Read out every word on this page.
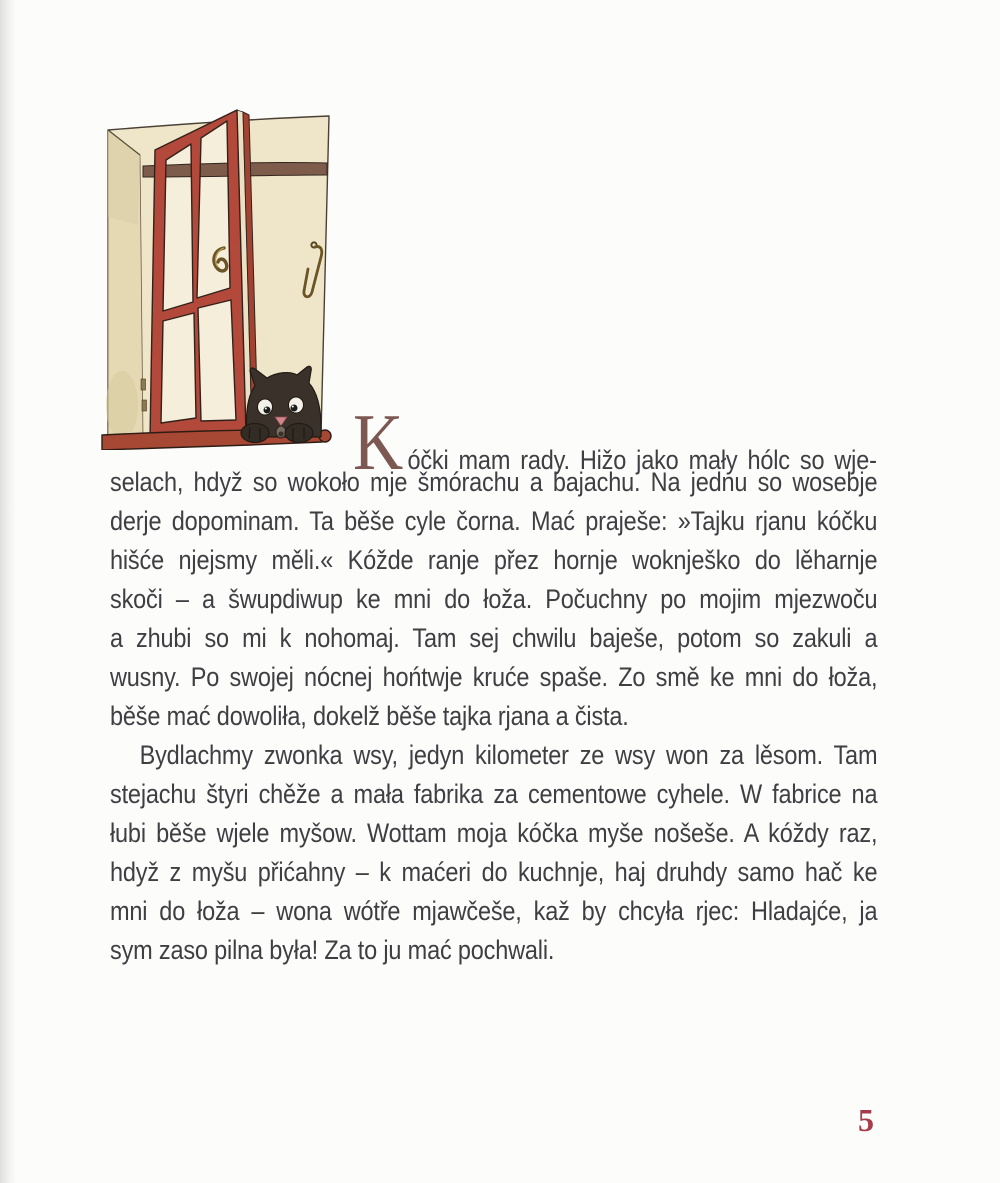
K óčki mam rady. Hižo jako mały hólc so wje-
selach, hdyž so wokoło mje šmórachu a bajachu. Na jednu so wosebje
derje dopominam. Ta běše cyle čorna. Mać praješe: »Tajku rjanu kóčku
hišće njejsmy měli.« Kóžde ranje přez hornje woknješko do lěharnje
skoči – a šwupdiwup ke mni do łoža. Počuchny po mojim mjezwoču
a zhubi so mi k nohomaj. Tam sej chwilu baješe, potom so zakuli a
wusny. Po swojej nócnej hońtwje kruće spaše. Zo smě ke mni do łoža,
běše mać dowoliła, dokelž běše tajka rjana a čista.
Bydlachmy zwonka wsy, jedyn kilometer ze wsy won za lěsom. Tam
stejachu štyri chěže a mała fabrika za cementowe cyhele. W fabrice na
łubi běše wjele myšow. Wottam moja kóčka myše nošeše. A kóždy raz,
hdyž z myšu přićahny – k maćeri do kuchnje, haj druhdy samo hač ke
mni do łoža – wona wótře mjawčeše, kaž by chcyła rjec: Hladajće, ja
sym zaso pilna była! Za to ju mać pochwali.
5
